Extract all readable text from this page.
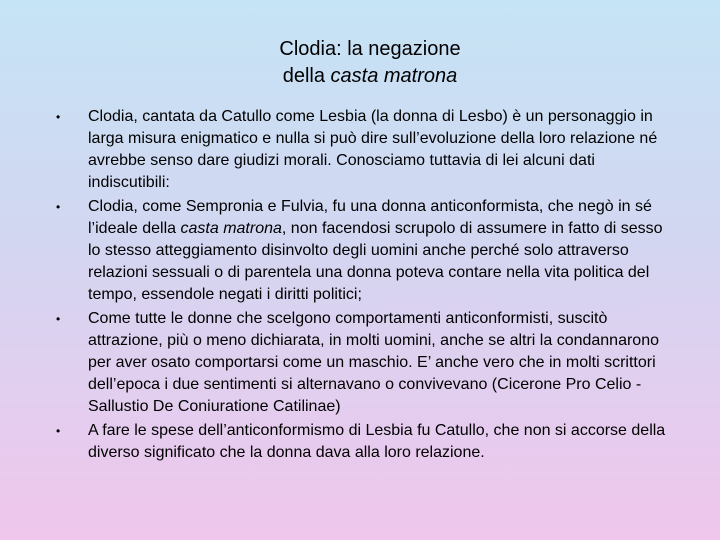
Clodia: la negazione
della casta matrona
•	Clodia, cantata da Catullo come Lesbia (la donna di Lesbo) è un personaggio in larga misura enigmatico e nulla si può dire sull’evoluzione della loro relazione né avrebbe senso dare giudizi morali. Conosciamo tuttavia di lei alcuni dati indiscutibili:
•	Clodia, come Sempronia e Fulvia, fu una donna anticonformista, che negò in sé l’ideale della casta matrona, non facendosi scrupolo di assumere in fatto di sesso lo stesso atteggiamento disinvolto degli uomini anche perché solo attraverso relazioni sessuali o di parentela una donna poteva contare nella vita politica del tempo, essendole negati i diritti politici;
•	Come tutte le donne che scelgono comportamenti anticonformisti, suscitò attrazione, più o meno dichiarata, in molti uomini, anche se altri la condannarono per aver osato comportarsi come un maschio. E’ anche vero che in molti scrittori dell’epoca i due sentimenti si alternavano o convivevano (Cicerone Pro Celio - Sallustio De Coniuratione Catilinae)
•	A fare le spese dell’anticonformismo di Lesbia fu Catullo, che non si accorse della diverso significato che la donna dava alla loro relazione.
